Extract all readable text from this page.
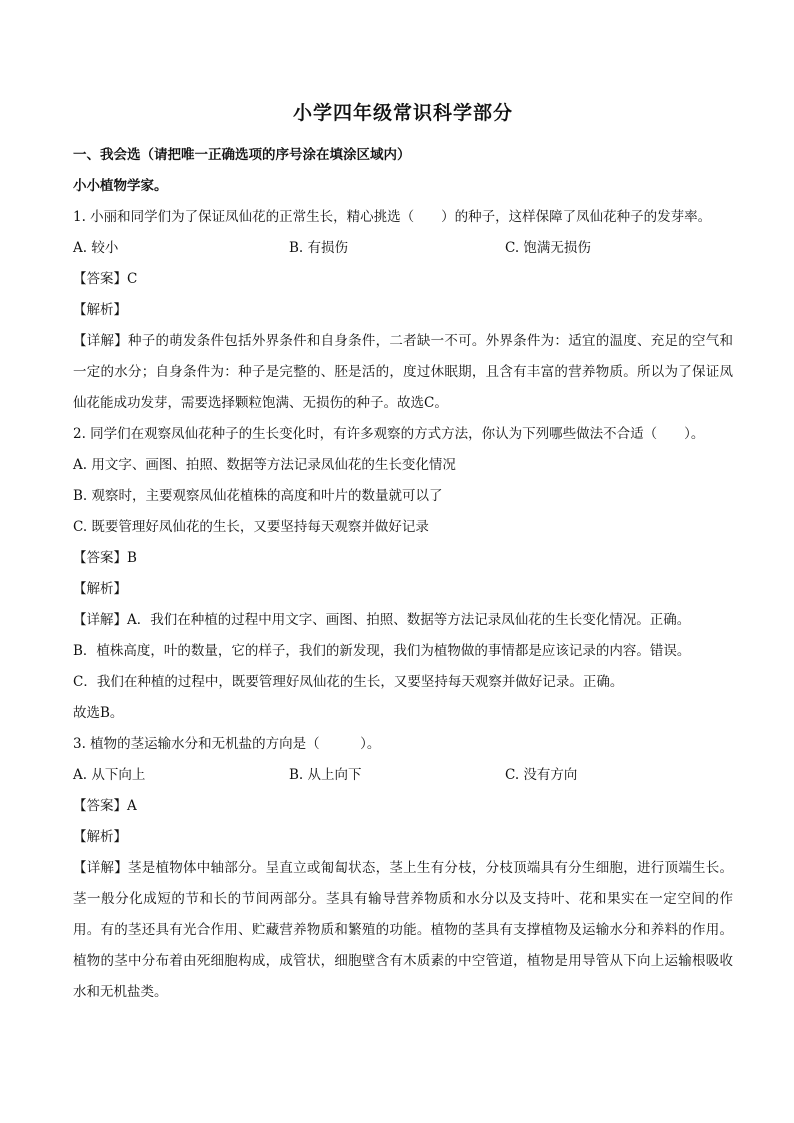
小学四年级常识科学部分
一、我会选（请把唯一正确选项的序号涂在填涂区域内）
小小植物学家。
1. 小丽和同学们为了保证凤仙花的正常生长，精心挑选（　　）的种子，这样保障了凤仙花种子的发芽率。
A. 较小	B. 有损伤	C. 饱满无损伤
【答案】C
【解析】
【详解】种子的萌发条件包括外界条件和自身条件，二者缺一不可。外界条件为：适宜的温度、充足的空气和一定的水分；自身条件为：种子是完整的、胚是活的，度过休眠期，且含有丰富的营养物质。所以为了保证凤仙花能成功发芽，需要选择颗粒饱满、无损伤的种子。故选C。
2. 同学们在观察凤仙花种子的生长变化时，有许多观察的方式方法，你认为下列哪些做法不合适（　　）。
A. 用文字、画图、拍照、数据等方法记录凤仙花的生长变化情况
B. 观察时，主要观察凤仙花植株的高度和叶片的数量就可以了
C. 既要管理好凤仙花的生长，又要坚持每天观察并做好记录
【答案】B
【解析】
【详解】A．我们在种植的过程中用文字、画图、拍照、数据等方法记录凤仙花的生长变化情况。正确。
B．植株高度，叶的数量，它的样子，我们的新发现，我们为植物做的事情都是应该记录的内容。错误。
C．我们在种植的过程中，既要管理好凤仙花的生长，又要坚持每天观察并做好记录。正确。
故选B。
3. 植物的茎运输水分和无机盐的方向是（　　　）。
A. 从下向上	B. 从上向下	C. 没有方向
【答案】A
【解析】
【详解】茎是植物体中轴部分。呈直立或匍匐状态，茎上生有分枝，分枝顶端具有分生细胞，进行顶端生长。茎一般分化成短的节和长的节间两部分。茎具有输导营养物质和水分以及支持叶、花和果实在一定空间的作用。有的茎还具有光合作用、贮藏营养物质和繁殖的功能。植物的茎具有支撑植物及运输水分和养料的作用。植物的茎中分布着由死细胞构成，成管状，细胞壁含有木质素的中空管道，植物是用导管从下向上运输根吸收水和无机盐类。
